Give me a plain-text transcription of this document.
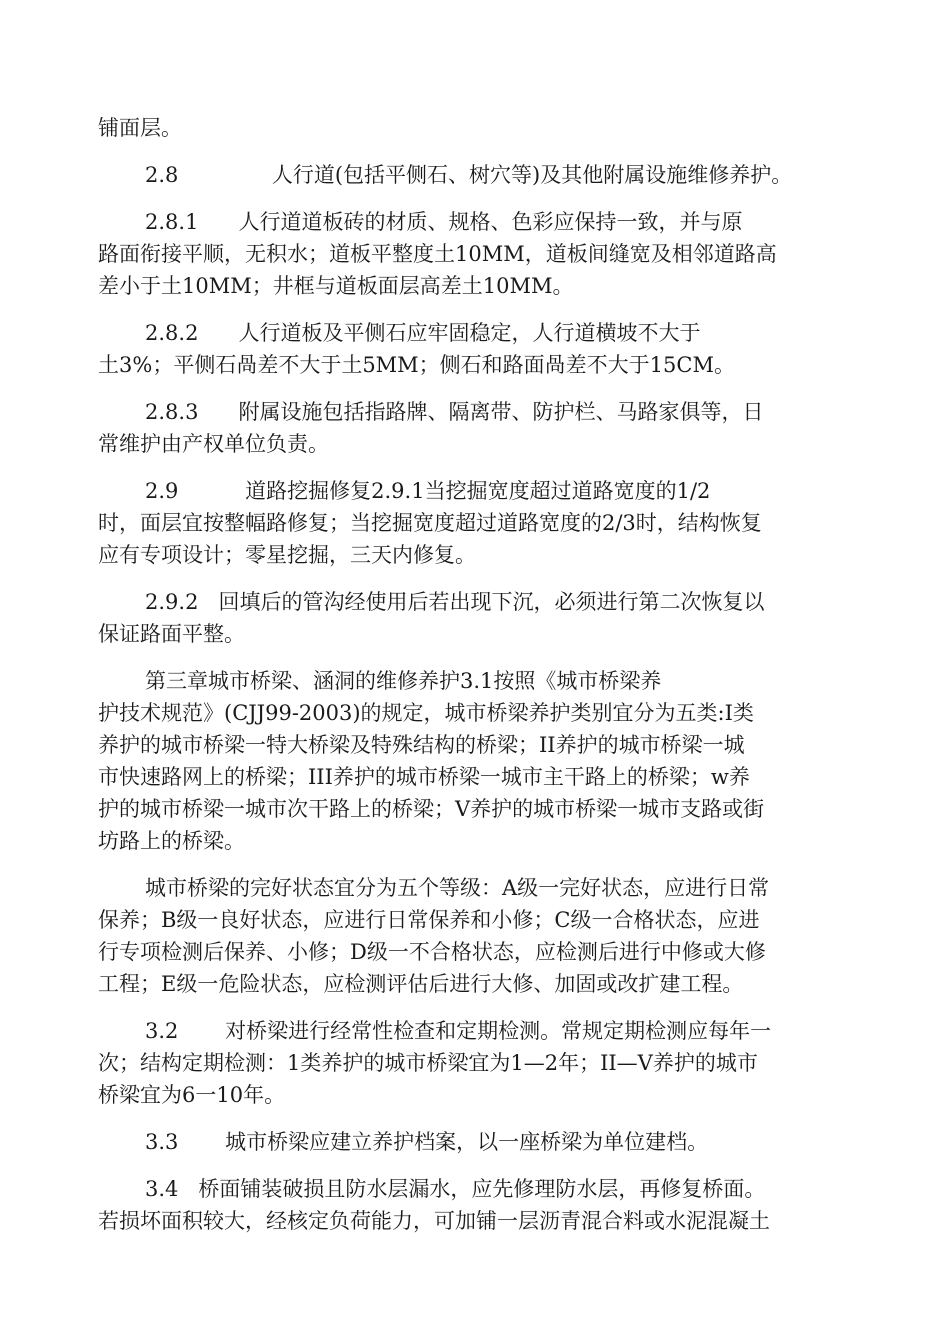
铺面层。
2.8              人行道(包括平侧石、树穴等)及其他附属设施维修养护。
2.8.1      人行道道板砖的材质、规格、色彩应保持一致，并与原
路面衔接平顺，无积水；道板平整度土10MM，道板间缝宽及相邻道路高
差小于土10MM；井框与道板面层高差土10MM。
2.8.2      人行道板及平侧石应牢固稳定，人行道横坡不大于
土3%；平侧石咼差不大于土5MM；侧石和路面咼差不大于15CM。
2.8.3      附属设施包括指路牌、隔离带、防护栏、马路家俱等，日
常维护由产权单位负责。
2.9          道路挖掘修复2.9.1当挖掘宽度超过道路宽度的1/2
时，面层宜按整幅路修复；当挖掘宽度超过道路宽度的2/3时，结构恢复
应有专项设计；零星挖掘，三天内修复。
2.9.2   回填后的管沟经使用后若出现下沉，必须进行第二次恢复以
保证路面平整。
第三章城市桥梁、涵洞的维修养护3.1按照《城市桥梁养
护技术规范》(CJJ99-2003)的规定，城市桥梁养护类别宜分为五类:I类
养护的城市桥梁一特大桥梁及特殊结构的桥梁；II养护的城市桥梁一城
市快速路网上的桥梁；III养护的城市桥梁一城市主干路上的桥梁；w养
护的城市桥梁一城市次干路上的桥梁；V养护的城市桥梁一城市支路或街
坊路上的桥梁。
城市桥梁的完好状态宜分为五个等级：A级一完好状态，应进行日常
保养；B级一良好状态，应进行日常保养和小修；C级一合格状态，应进
行专项检测后保养、小修；D级一不合格状态，应检测后进行中修或大修
工程；E级一危险状态，应检测评估后进行大修、加固或改扩建工程。
3.2       对桥梁进行经常性检查和定期检测。常规定期检测应每年一
次；结构定期检测：1类养护的城市桥梁宜为1—2年；II—V养护的城市
桥梁宜为6一10年。
3.3       城市桥梁应建立养护档案，以一座桥梁为单位建档。
3.4   桥面铺装破损且防水层漏水，应先修理防水层，再修复桥面。
若损坏面积较大，经核定负荷能力，可加铺一层沥青混合料或水泥混凝土
